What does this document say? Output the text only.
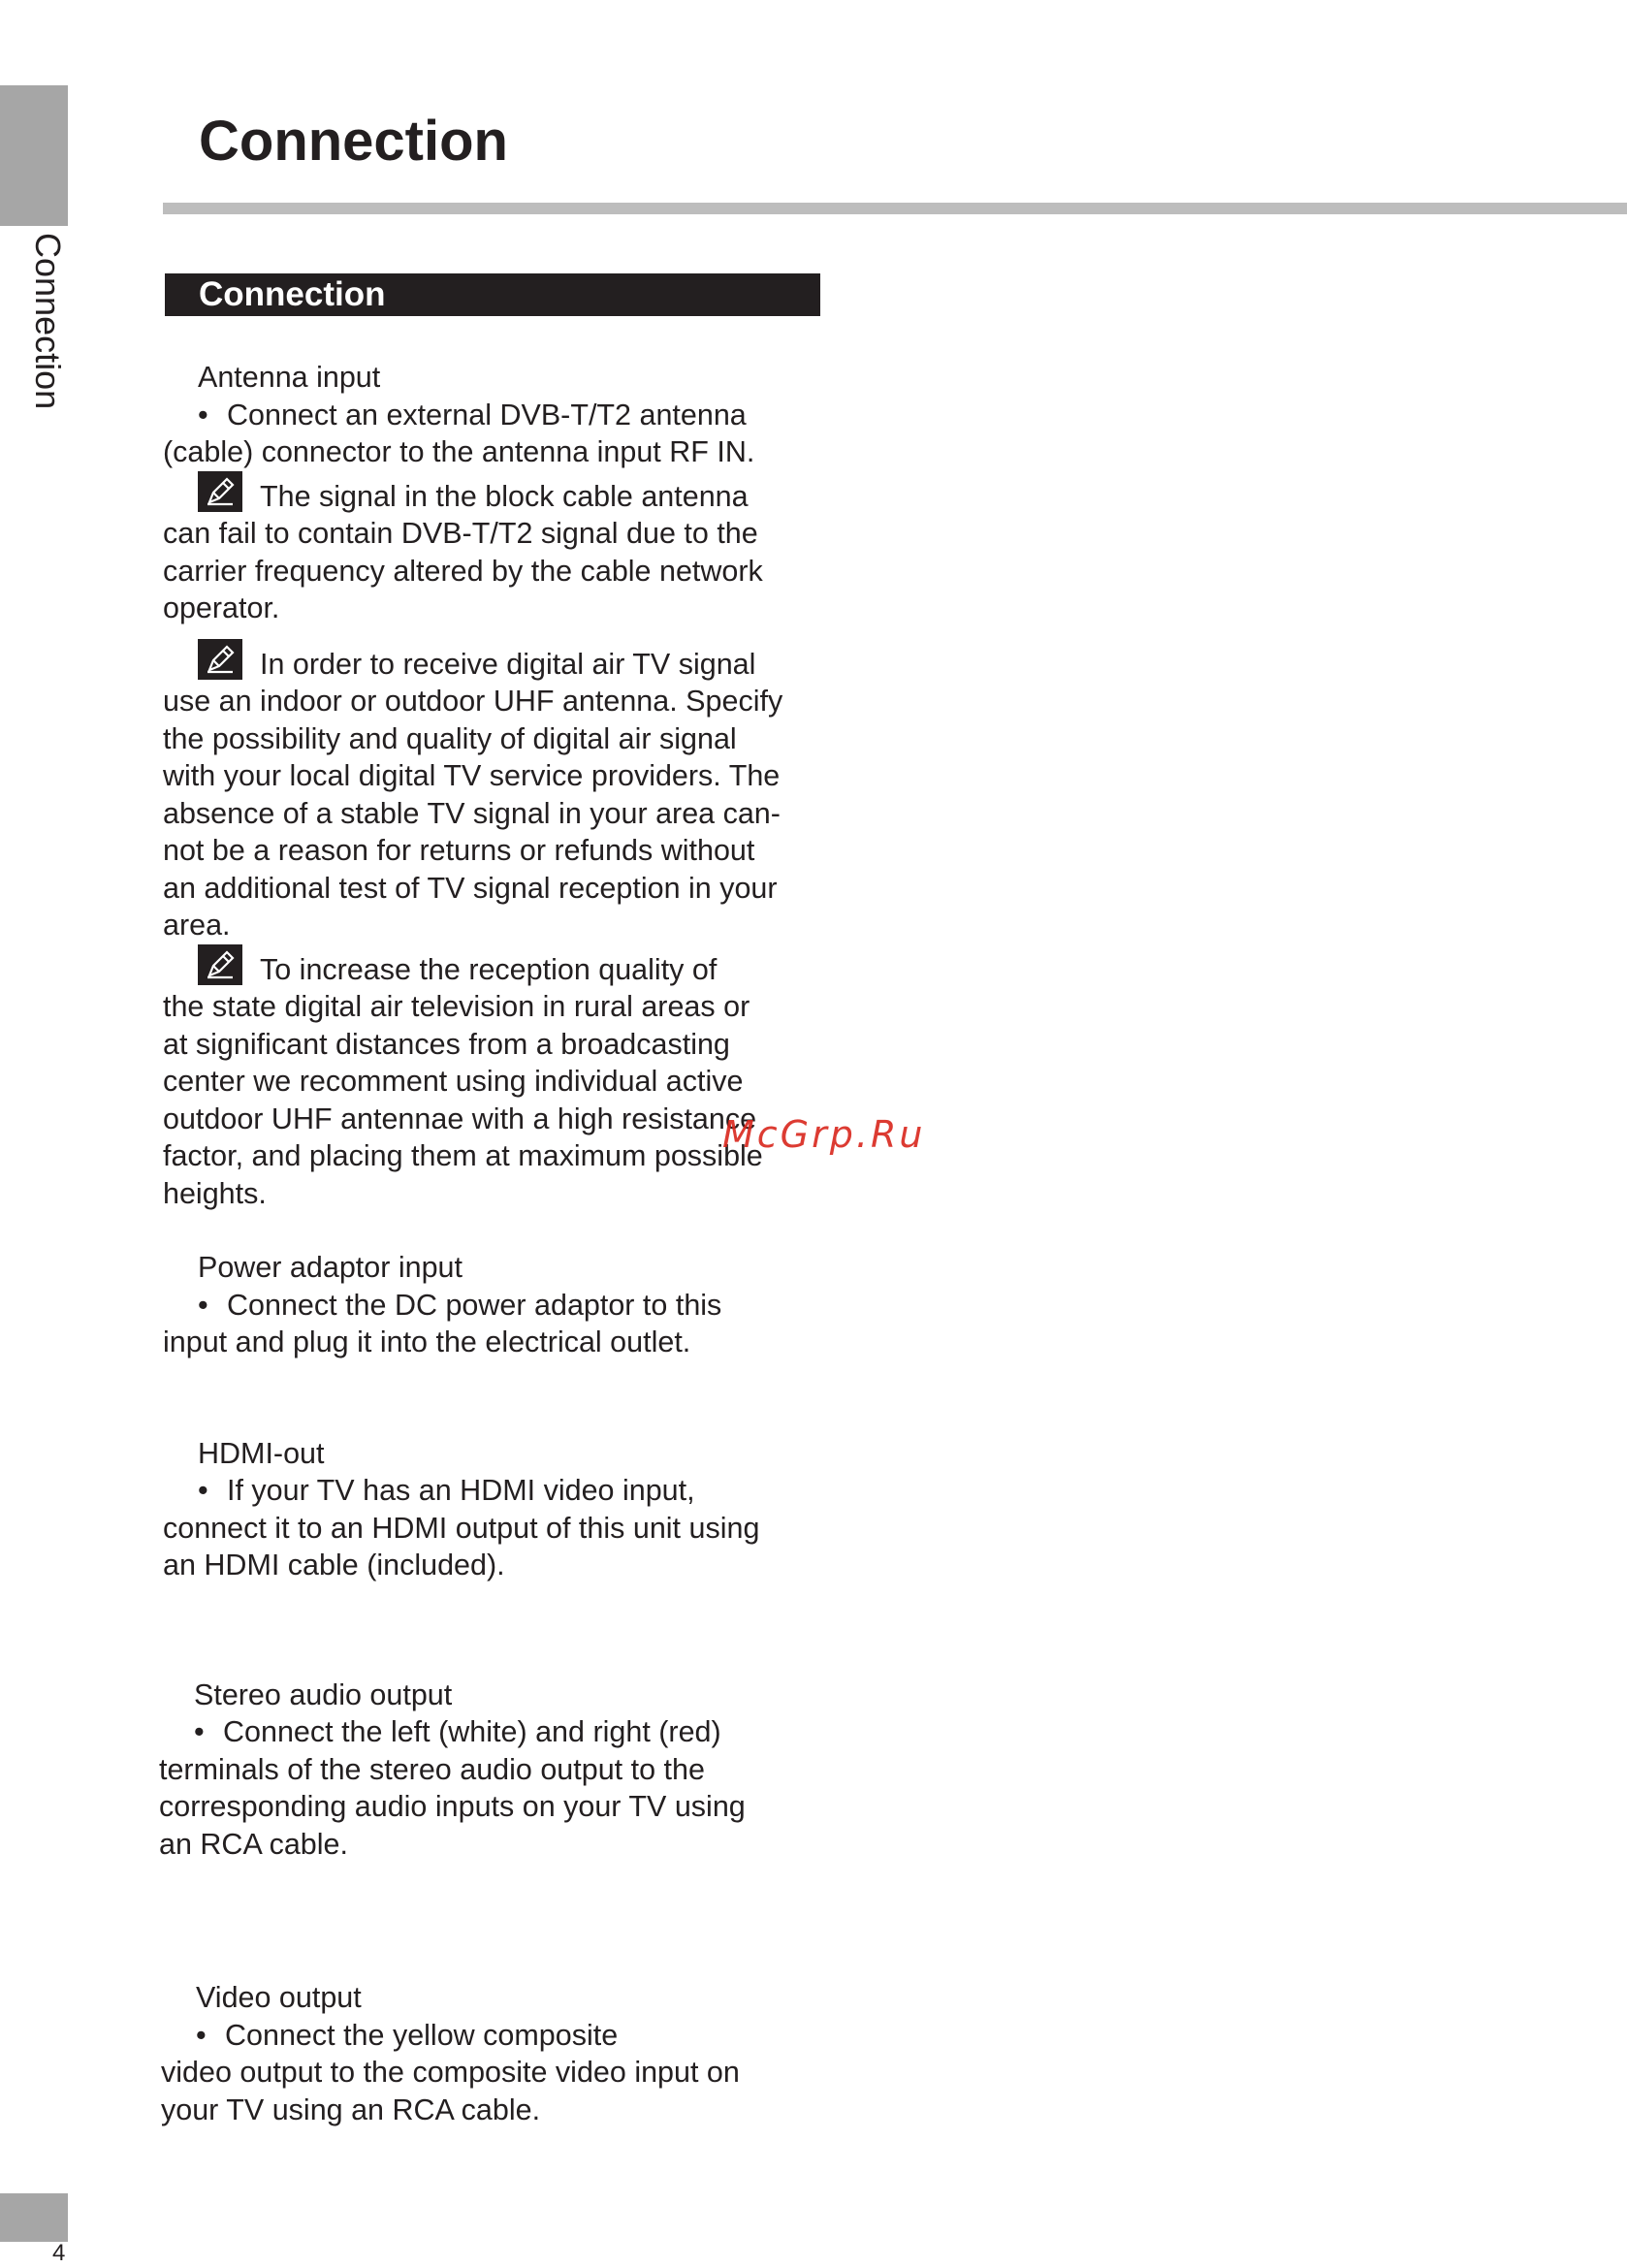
Connection
Connection
Connection

Antenna input

• Connect an external DVB-T/T2 antenna

(cable) connector to the antenna input RF IN.

The signal in the block cable antenna

can fail to contain DVB-T/T2 signal due to the

carrier frequency altered by the cable network

operator.

In order to receive digital air TV signal

use an indoor or outdoor UHF antenna. Specify

the possibility and quality of digital air signal

with your local digital TV service providers. The

absence of a stable TV signal in your area can-

not be a reason for returns or refunds without

an additional test of TV signal reception in your

area.

To increase the reception quality of

the state digital air television in rural areas or

at significant distances from a broadcasting

center we recomment using individual active

outdoor UHF antennae with a high resistance

factor, and placing them at maximum possible

heights.

Power adaptor input

• Connect the DC power adaptor to this

input and plug it into the electrical outlet.

HDMI-out

• If your TV has an HDMI video input,

connect it to an HDMI output of this unit using

an HDMI cable (included).

Stereo audio output

• Connect the left (white) and right (red)

terminals of the stereo audio output to the

corresponding audio inputs on your TV using

an RCA cable.

Video output

• Connect the yellow composite

video output to the composite video input on

your TV using an RCA cable.

McGrp.Ru
4
